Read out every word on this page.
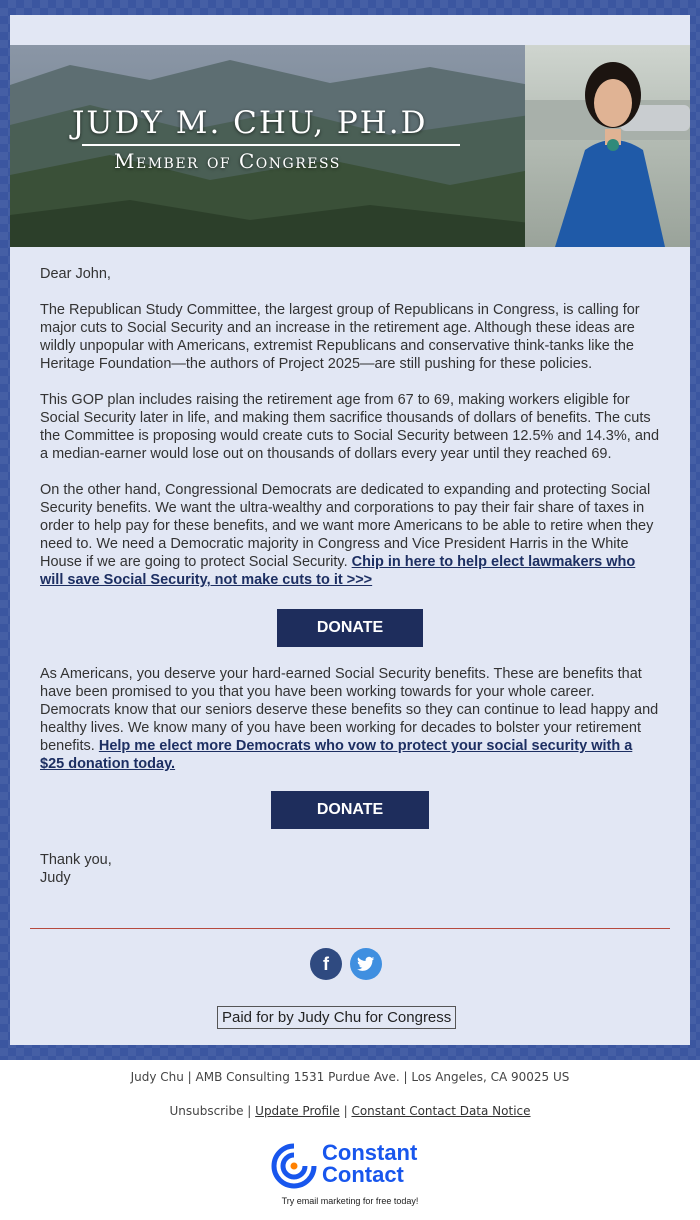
JUDY M. CHU, PH.D
Member of Congress

Dear John,

The Republican Study Committee, the largest group of Republicans in Congress, is calling for major cuts to Social Security and an increase in the retirement age. Although these ideas are wildly unpopular with Americans, extremist Republicans and conservative think-tanks like the Heritage Foundation—the authors of Project 2025—are still pushing for these policies.

This GOP plan includes raising the retirement age from 67 to 69, making workers eligible for Social Security later in life, and making them sacrifice thousands of dollars of benefits. The cuts the Committee is proposing would create cuts to Social Security between 12.5% and 14.3%, and a median-earner would lose out on thousands of dollars every year until they reached 69.

On the other hand, Congressional Democrats are dedicated to expanding and protecting Social Security benefits. We want the ultra-wealthy and corporations to pay their fair share of taxes in order to help pay for these benefits, and we want more Americans to be able to retire when they need to. We need a Democratic majority in Congress and Vice President Harris in the White House if we are going to protect Social Security. Chip in here to help elect lawmakers who will save Social Security, not make cuts to it >>>

DONATE

As Americans, you deserve your hard-earned Social Security benefits. These are benefits that have been promised to you that you have been working towards for your whole career. Democrats know that our seniors deserve these benefits so they can continue to lead happy and healthy lives. We know many of you have been working for decades to bolster your retirement benefits. Help me elect more Democrats who vow to protect your social security with a $25 donation today.

DONATE
Thank you,
Judy
f
Paid for by Judy Chu for Congress
Judy Chu | AMB Consulting 1531 Purdue Ave. | Los Angeles, CA 90025 US
Unsubscribe | Update Profile | Constant Contact Data Notice
Constant
Contact
Try email marketing for free today!
